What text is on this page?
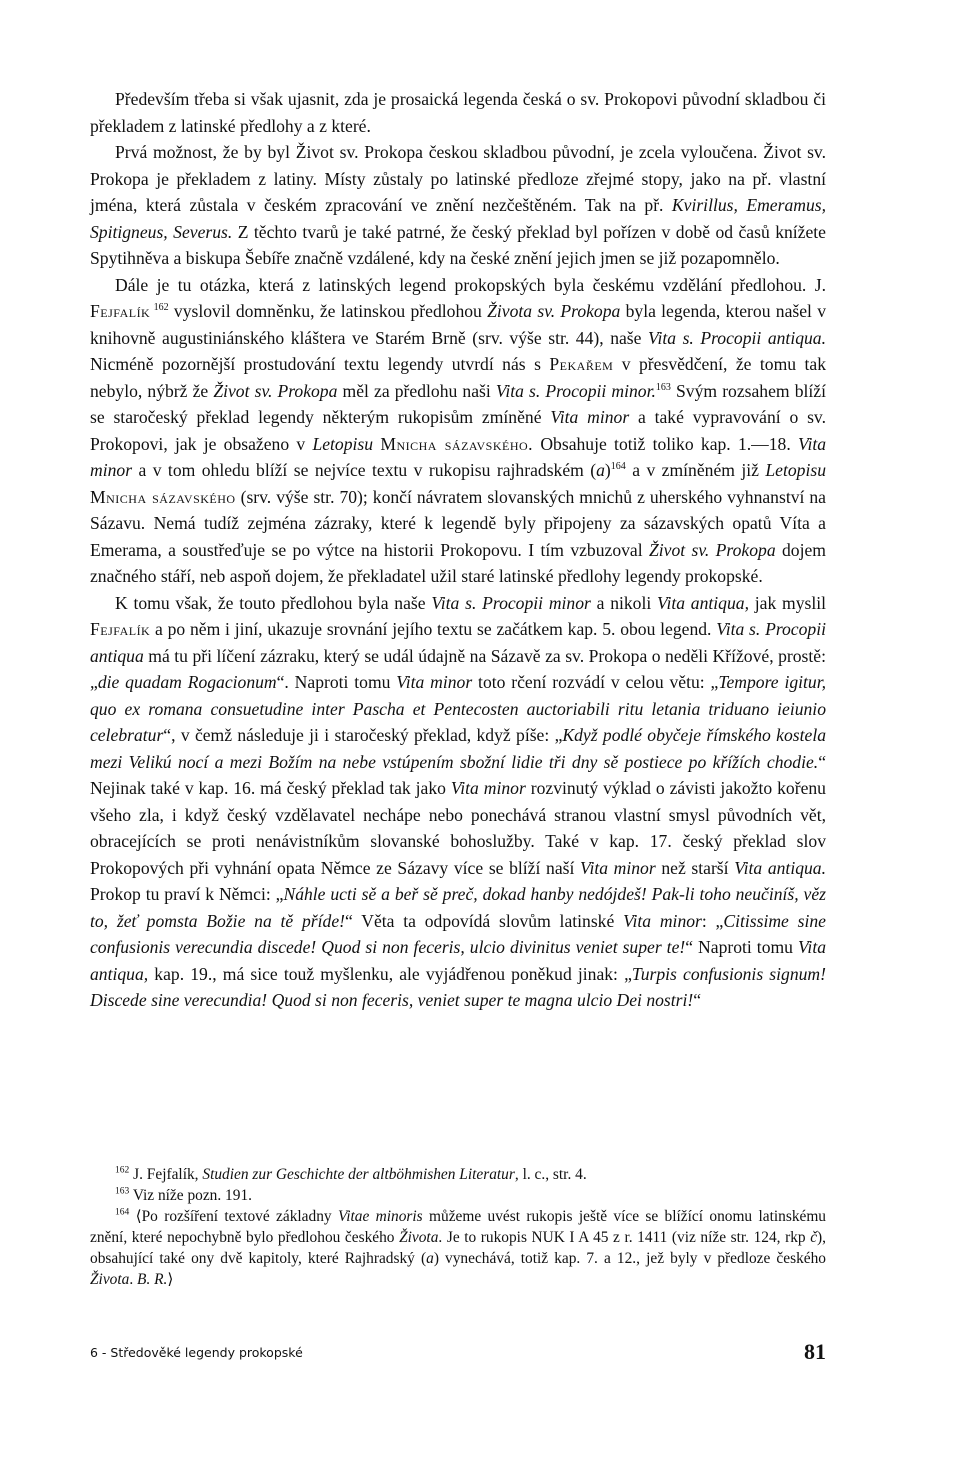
Především třeba si však ujasnit, zda je prosaická legenda česká o sv. Prokopovi původní skladbou či překladem z latinské předlohy a z které.

Prvá možnost, že by byl Život sv. Prokopa českou skladbou původní, je zcela vyloučena. Život sv. Prokopa je překladem z latiny. Místy zůstaly po latinské předloze zřejmé stopy, jako na př. vlastní jména, která zůstala v českém zpracování ve znění nezčeštěném. Tak na př. Kvirillus, Emeramus, Spitigneus, Severus. Z těchto tvarů je také patrné, že český překlad byl pořízen v době od časů knížete Spytihněva a biskupa Šebíře značně vzdálené, kdy na české znění jejich jmen se již pozapomnělo.

Dále je tu otázka, která z latinských legend prokopských byla českému vzdělání předlohou. J. Fejfalík $^{162}$ vyslovil domněnku, že latinskou předlohou Života sv. Prokopa byla legenda, kterou našel v knihovně augustiniánského kláštera ve Starém Brně (srv. výše str. 44), naše Vita s. Procopii antiqua. Nicméně pozornější prostudování textu legendy utvrdí nás s Pekařem v přesvědčení, že tomu tak nebylo, nýbrž že Život sv. Prokopa měl za předlohu naši Vita s. Procopii minor.$^{163}$ Svým rozsahem blíží se staročeský překlad legendy některým rukopisům zmíněné Vita minor a také vypravování o sv. Prokopovi, jak je obsaženo v Letopisu Mnicha sázavského. Obsahuje totiž toliko kap. 1.—18. Vita minor a v tom ohledu blíží se nejvíce textu v rukopisu rajhradském $(a)^{164}$ a v zmíněném již Letopisu Mnicha sázavského (srv. výše str. 70); končí návratem slovanských mnichů z uherského vyhnanství na Sázavu. Nemá tudíž zejména zázraky, které k legendě byly připojeny za sázavských opatů Víta a Emerama, a soustřeďuje se po výtce na historii Prokopovu. I tím vzbuzoval Život sv. Prokopa dojem značného stáří, neb aspoň dojem, že překladatel užil staré latinské předlohy legendy prokopské.

K tomu však, že touto předlohou byla naše Vita s. Procopii minor a nikoli Vita antiqua, jak myslil Fejfalík a po něm i jiní, ukazuje srovnání jejího textu se začátkem kap. 5. obou legend. Vita s. Procopii antiqua má tu při líčení zázraku, který se udál údajně na Sázavě za sv. Prokopa o neděli Křížové, prostě: „die quadam Rogacionum“. Naproti tomu Vita minor toto rčení rozvádí v celou větu: „Tempore igitur, quo ex romana consuetudine inter Pascha et Pentecosten auctoriabili ritu letania triduano ieiunio celebratur“, v čemž následuje ji i staročeský překlad, když píše: „Když podlé obyčeje římského kostela mezi Velikú nocí a mezi Božím na nebe vstúpením sbožní lidie tři dny sě postiece po křížích chodie.“ Nejinak také v kap. 16. má český překlad tak jako Vita minor rozvinutý výklad o závisti jakožto kořenu všeho zla, i když český vzdělavatel nechápe nebo ponechává stranou vlastní smysl původních vět, obracejících se proti nenávistníkům slovanské bohoslužby. Také v kap. 17. český překlad slov Prokopových při vyhnání opata Němce ze Sázavy více se blíží naší Vita minor než starší Vita antiqua. Prokop tu praví k Němci: „Náhle ucti sě a beř sě preč, dokad hanby nedójdeš! Pak-li toho neučiníš, věz to, žeť pomsta Božie na tě příde!“ Věta ta odpovídá slovům latinské Vita minor: „Citissime sine confusionis verecundia discede! Quod si non feceris, ulcio divinitus veniet super te!“ Naproti tomu Vita antiqua, kap. 19., má sice touž myšlenku, ale vyjádřenou poněkud jinak: „Turpis confusionis signum! Discede sine verecundia! Quod si non feceris, veniet super te magna ulcio Dei nostri!“

$^{162}$ J. Fejfalík, Studien zur Geschichte der altböhmishen Literatur, l. c., str. 4.

$^{163}$ Viz níže pozn. 191.

$^{164}$ ⟨Po rozšíření textové základny Vitae minoris můžeme uvést rukopis ještě více se blížící onomu latinskému znění, které nepochybně bylo předlohou českého Života. Je to rukopis NUK I A 45 z r. 1411 (viz níže str. 124, rkp č), obsahující také ony dvě kapitoly, které Rajhradský (a) vynechává, totiž kap. 7. a 12., jež byly v předloze českého Života. B. R.⟩

6 - Středověké legendy prokopské	81
